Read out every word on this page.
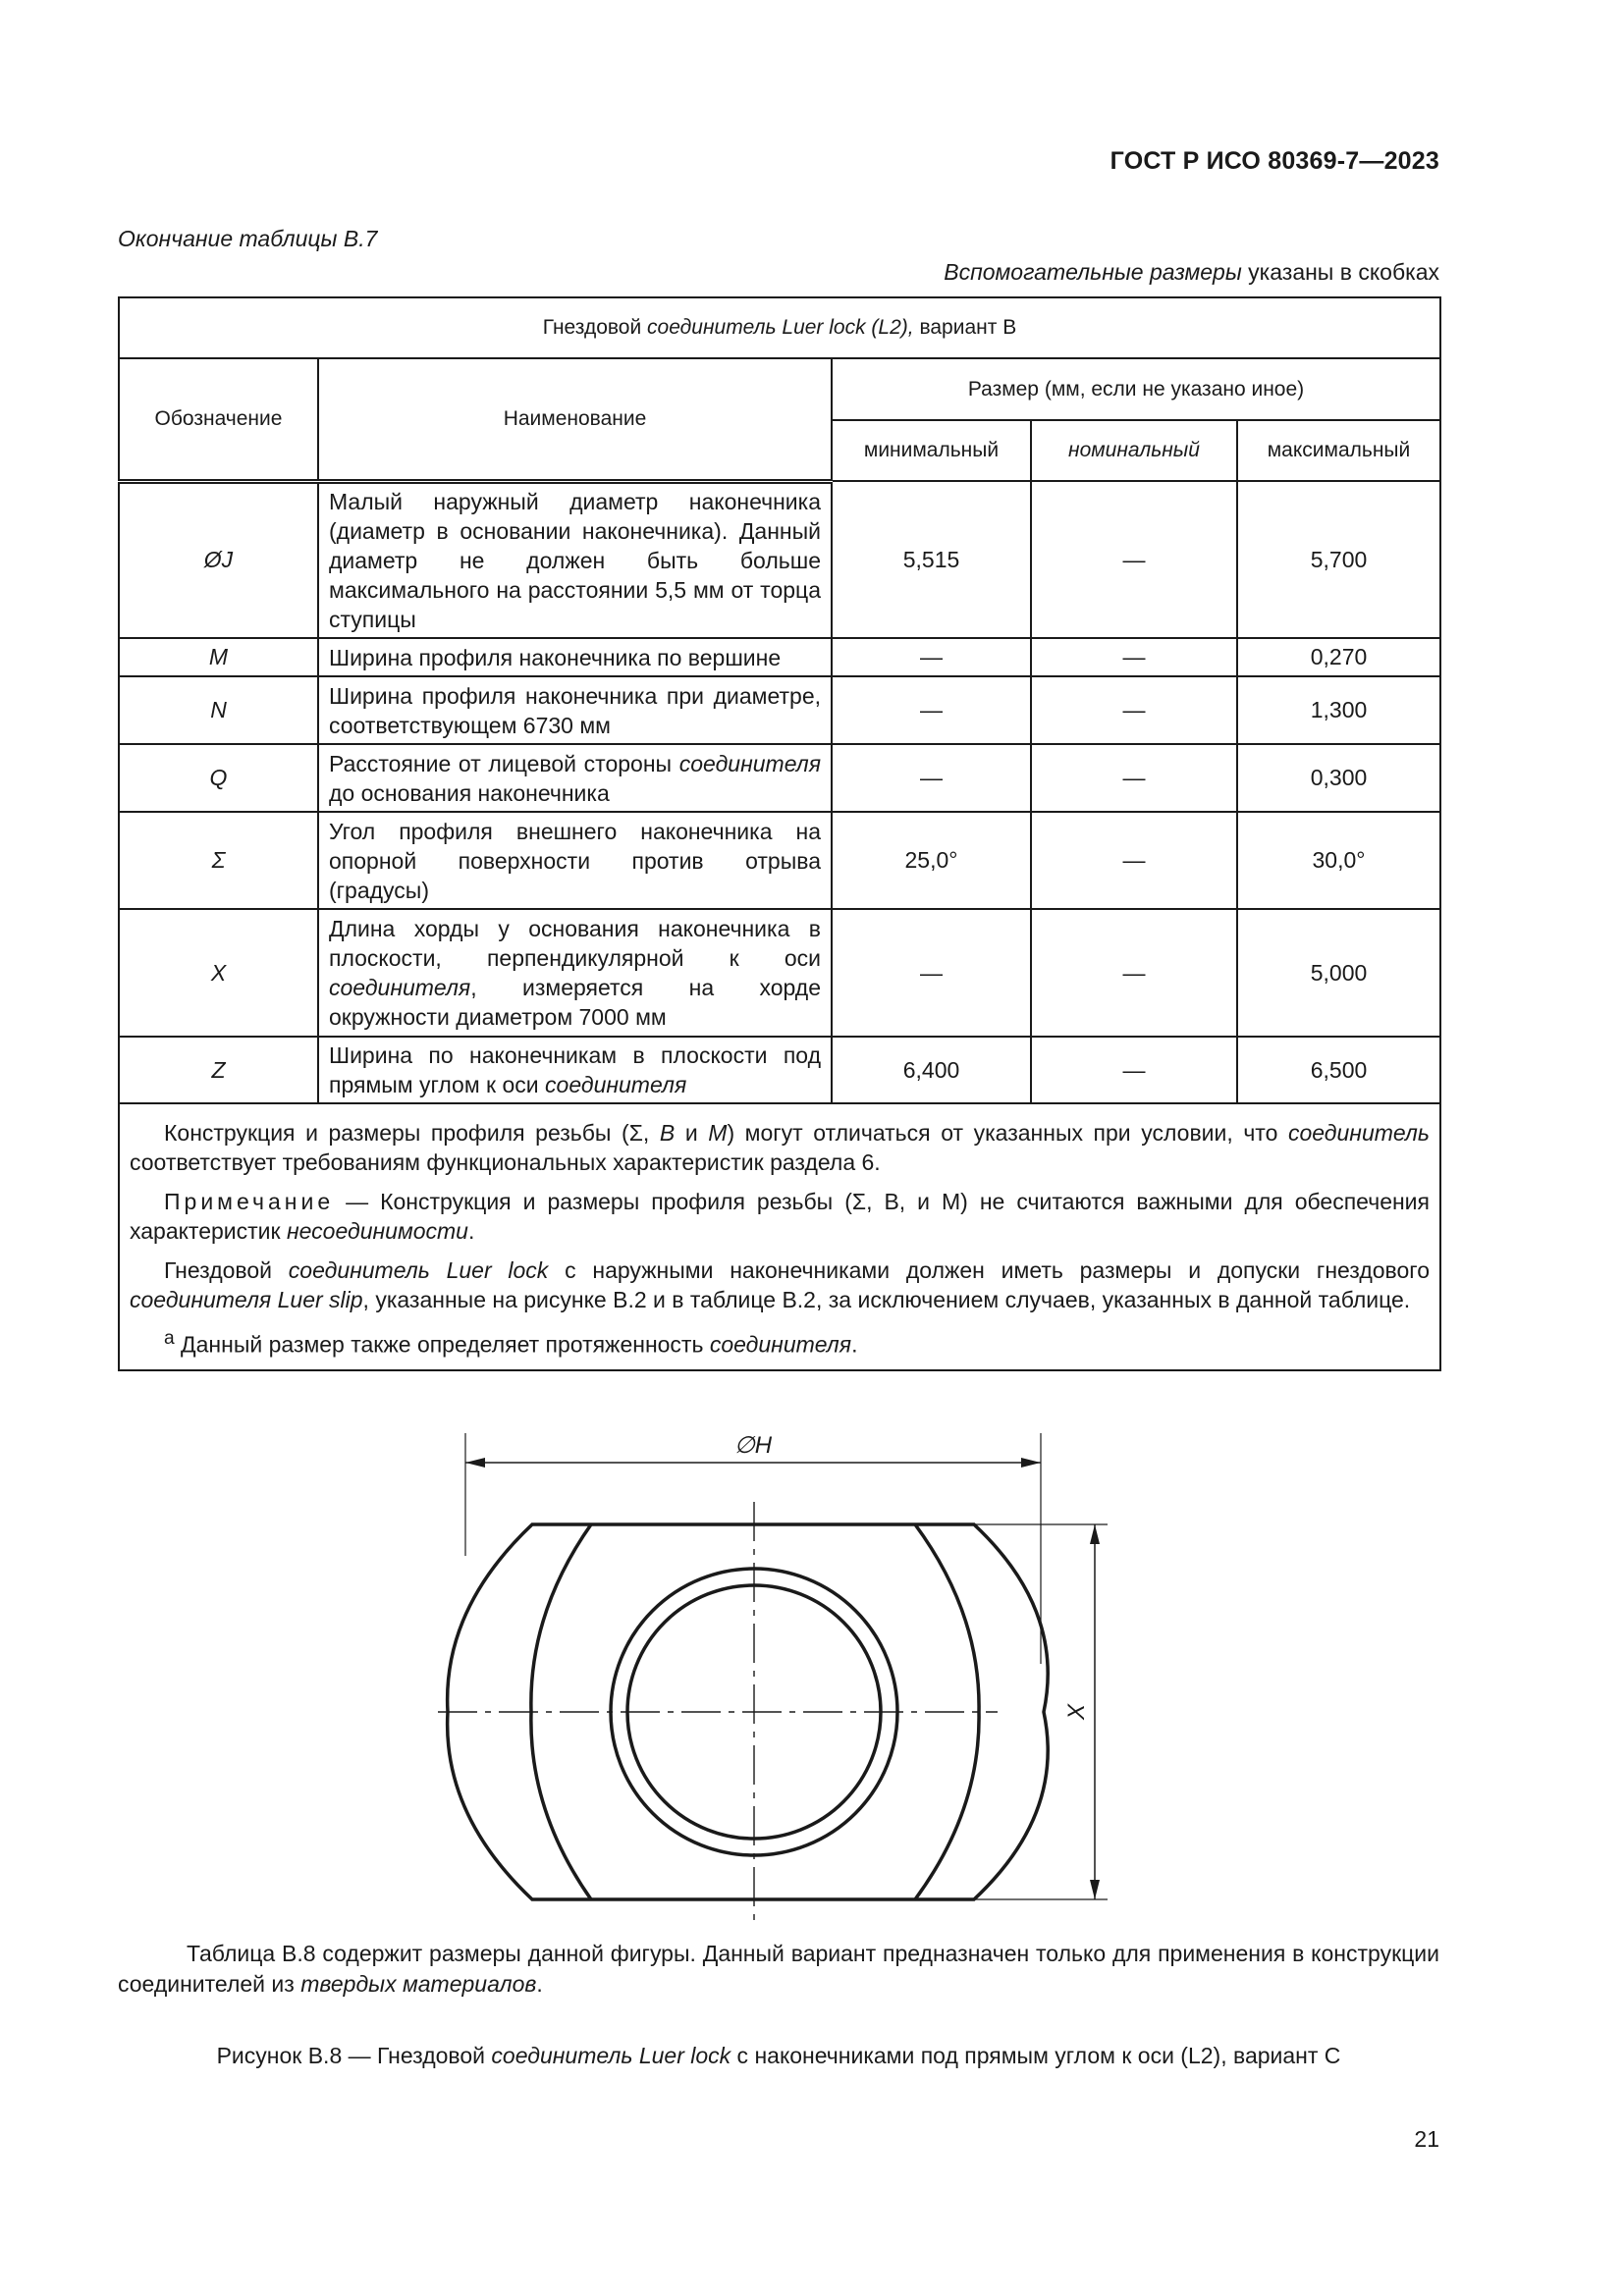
ГОСТ Р ИСО 80369-7—2023
Окончание таблицы В.7
Вспомогательные размеры указаны в скобках
Гнездовой соединитель Luer lock (L2), вариант B				
Обозначение	Наименование	Размер (мм, если не указано иное)		
		минимальный	номинальный	максимальный
ØJ	Малый наружный диаметр наконечника (диаметр в основании наконечника). Данный диаметр не должен быть больше максимального на расстоянии 5,5 мм от торца ступицы	5,515	—	5,700
M	Ширина профиля наконечника по вершине	—	—	0,270
N	Ширина профиля наконечника при диаметре, соответствующем 6730 мм	—	—	1,300
Q	Расстояние от лицевой стороны соединителя до основания наконечника	—	—	0,300
Σ	Угол профиля внешнего наконечника на опорной поверхности против отрыва (градусы)	25,0°	—	30,0°
X	Длина хорды у основания наконечника в плоскости, перпендикулярной к оси соединителя, измеряется на хорде окружности диаметром 7000 мм	—	—	5,000
Z	Ширина по наконечникам в плоскости под прямым углом к оси соединителя	6,400	—	6,500

Конструкция и размеры профиля резьбы (Σ, B и M) могут отличаться от указанных при условии, что соединитель соответствует требованиям функциональных характеристик раздела 6.

Примечание — Конструкция и размеры профиля резьбы (Σ, B, и M) не считаются важными для обеспечения характеристик несоединимости.

Гнездовой соединитель Luer lock с наружными наконечниками должен иметь размеры и допуски гнездового соединителя Luer slip, указанные на рисунке B.2 и в таблице B.2, за исключением случаев, указанных в данной таблице.

$^a$ Данный размер также определяет протяженность соединителя.				

∅H
X
Таблица B.8 содержит размеры данной фигуры. Данный вариант предназначен только для применения в конструкции соединителей из твердых материалов.
Рисунок B.8 — Гнездовой соединитель Luer lock с наконечниками под прямым углом к оси (L2), вариант C
21
